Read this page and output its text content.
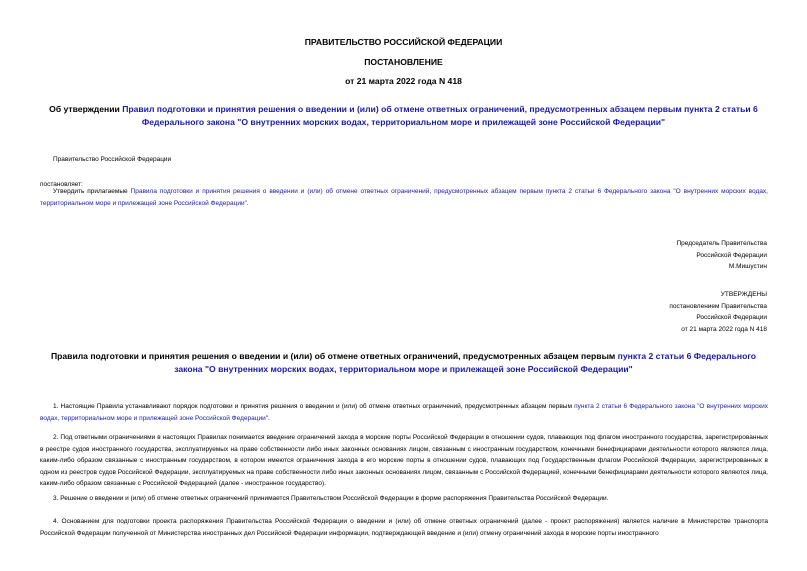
ПРАВИТЕЛЬСТВО РОССИЙСКОЙ ФЕДЕРАЦИИ
ПОСТАНОВЛЕНИЕ
от 21 марта 2022 года N 418
Об утверждении Правил подготовки и принятия решения о введении и (или) об отмене ответных ограничений, предусмотренных абзацем первым пункта 2 статьи 6 Федерального закона "О внутренних морских водах, территориальном море и прилежащей зоне Российской Федерации"
Правительство Российской Федерации
постановляет:
Утвердить прилагаемые Правила подготовки и принятия решения о введении и (или) об отмене ответных ограничений, предусмотренных абзацем первым пункта 2 статьи 6 Федерального закона "О внутренних морских водах, территориальном море и прилежащей зоне Российской Федерации".
Председатель Правительства
Российской Федерации
М.Мишустин
УТВЕРЖДЕНЫ
постановлением Правительства
Российской Федерации
от 21 марта 2022 года N 418
Правила подготовки и принятия решения о введении и (или) об отмене ответных ограничений, предусмотренных абзацем первым пункта 2 статьи 6 Федерального закона "О внутренних морских водах, территориальном море и прилежащей зоне Российской Федерации"
1. Настоящие Правила устанавливают порядок подготовки и принятия решения о введении и (или) об отмене ответных ограничений, предусмотренных абзацем первым пункта 2 статьи 6 Федерального закона "О внутренних морских водах, территориальном море и прилежащей зоне Российской Федерации".
2. Под ответными ограничениями в настоящих Правилах понимается введение ограничений захода в морские порты Российской Федерации в отношении судов, плавающих под флагом иностранного государства, зарегистрированных в реестре судов иностранного государства, эксплуатируемых на праве собственности либо иных законных основаниях лицом, связанным с иностранным государством, конечными бенефициарами деятельности которого являются лица, каким-либо образом связанные с иностранным государством, в котором имеются ограничения захода в его морские порты в отношении судов, плавающих под Государственным флагом Российской Федерации, зарегистрированных в одном из реестров судов Российской Федерации, эксплуатируемых на праве собственности либо иных законных основаниях лицом, связанным с Российской Федерацией, конечными бенефициарами деятельности которого являются лица, каким-либо образом связанные с Российской Федерацией (далее - иностранное государство).
3. Решение о введении и (или) об отмене ответных ограничений принимается Правительством Российской Федерации в форме распоряжения Правительства Российской Федерации.
4. Основанием для подготовки проекта распоряжения Правительства Российской Федерации о введении и (или) об отмене ответных ограничений (далее - проект распоряжения) является наличие в Министерстве транспорта Российской Федерации полученной от Министерства иностранных дел Российской Федерации информации, подтверждающей введение и (или) отмену ограничений захода в морские порты иностранного
